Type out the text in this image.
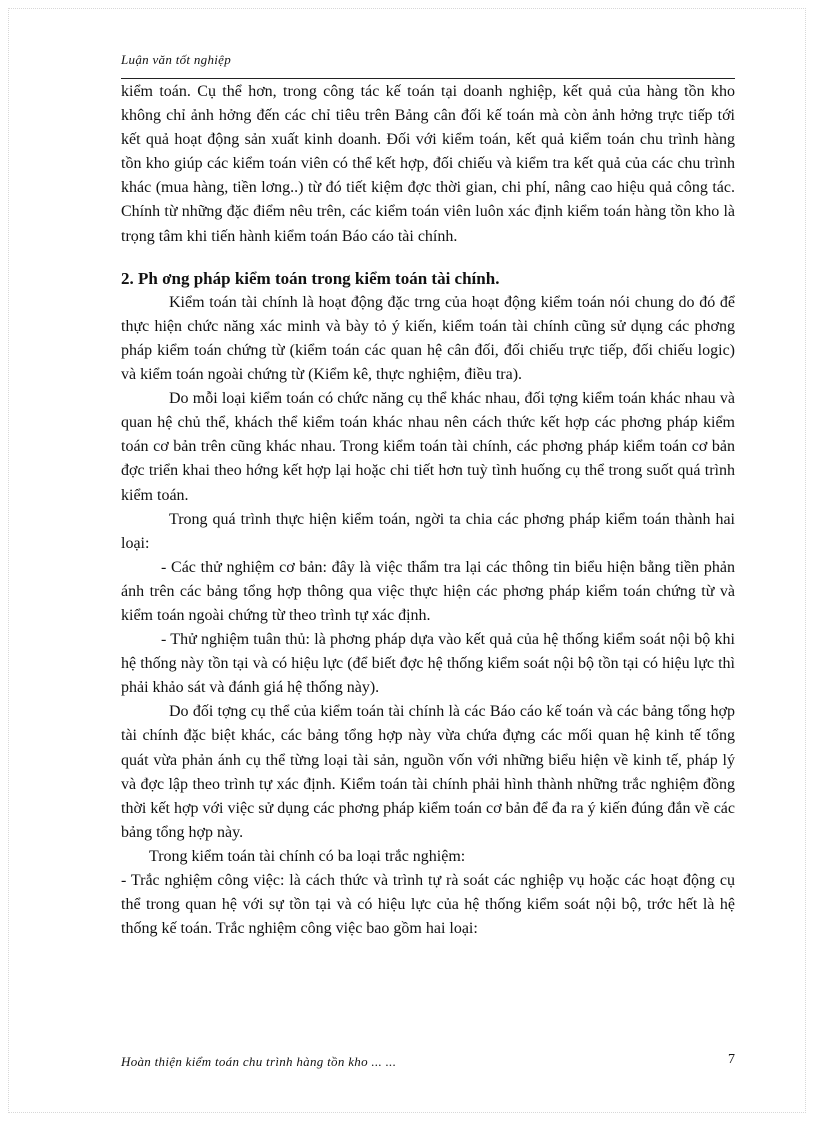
Luận văn tốt nghiệp

kiểm toán. Cụ thể hơn, trong công tác kế toán tại doanh nghiệp, kết quả của hàng tồn kho không chỉ ảnh hởng đến các chỉ tiêu trên Bảng cân đối kế toán mà còn ảnh hởng trực tiếp tới kết quả hoạt động sản xuất kinh doanh. Đối với kiểm toán, kết quả kiểm toán chu trình hàng tồn kho giúp các kiểm toán viên có thể kết hợp, đối chiếu và kiểm tra kết quả của các chu trình khác (mua hàng, tiền lơng..) từ đó tiết kiệm đợc thời gian, chi phí, nâng cao hiệu quả công tác. Chính từ những đặc điểm nêu trên, các kiểm toán viên luôn xác định kiểm toán hàng tồn kho là trọng tâm khi tiến hành kiểm toán Báo cáo tài chính.

2. Ph ơng pháp kiểm toán trong kiểm toán tài chính.

Kiểm toán tài chính là hoạt động đặc trng của hoạt động kiểm toán nói chung do đó để thực hiện chức năng xác minh và bày tỏ ý kiến, kiểm toán tài chính cũng sử dụng các phơng pháp kiểm toán chứng từ (kiểm toán các quan hệ cân đối, đối chiếu trực tiếp, đối chiếu logic) và kiểm toán ngoài chứng từ (Kiểm kê, thực nghiệm, điều tra).

Do mỗi loại kiểm toán có chức năng cụ thể khác nhau, đối tợng kiểm toán khác nhau và quan hệ chủ thể, khách thể kiểm toán khác nhau nên cách thức kết hợp các phơng pháp kiểm toán cơ bản trên cũng khác nhau. Trong kiểm toán tài chính, các phơng pháp kiểm toán cơ bản đợc triển khai theo hớng kết hợp lại hoặc chi tiết hơn tuỳ tình huống cụ thể trong suốt quá trình kiểm toán.

Trong quá trình thực hiện kiểm toán, ngời ta chia các phơng pháp kiểm toán thành hai loại:

- Các thử nghiệm cơ bản: đây là việc thẩm tra lại các thông tin biểu hiện bằng tiền phản ánh trên các bảng tổng hợp thông qua việc thực hiện các phơng pháp kiểm toán chứng từ và kiểm toán ngoài chứng từ theo trình tự xác định.

- Thử nghiệm tuân thủ: là phơng pháp dựa vào kết quả của hệ thống kiểm soát nội bộ khi hệ thống này tồn tại và có hiệu lực (để biết đợc hệ thống kiểm soát nội bộ tồn tại có hiệu lực thì phải khảo sát và đánh giá hệ thống này).

Do đối tợng cụ thể của kiểm toán tài chính là các Báo cáo kế toán và các bảng tổng hợp tài chính đặc biệt khác, các bảng tổng hợp này vừa chứa đựng các mối quan hệ kinh tế tổng quát vừa phản ánh cụ thể từng loại tài sản, nguồn vốn với những biểu hiện về kinh tế, pháp lý và đợc lập theo trình tự xác định. Kiểm toán tài chính phải hình thành những trắc nghiệm đồng thời kết hợp với việc sử dụng các phơng pháp kiểm toán cơ bản để đa ra ý kiến đúng đắn về các bảng tổng hợp này.

Trong kiểm toán tài chính có ba loại trắc nghiệm:

- Trắc nghiệm công việc: là cách thức và trình tự rà soát các nghiệp vụ hoặc các hoạt động cụ thể trong quan hệ với sự tồn tại và có hiệu lực của hệ thống kiểm soát nội bộ, trớc hết là hệ thống kế toán. Trắc nghiệm công việc bao gồm hai loại:

Hoàn thiện kiểm toán chu trình hàng tồn kho ... ...	7
